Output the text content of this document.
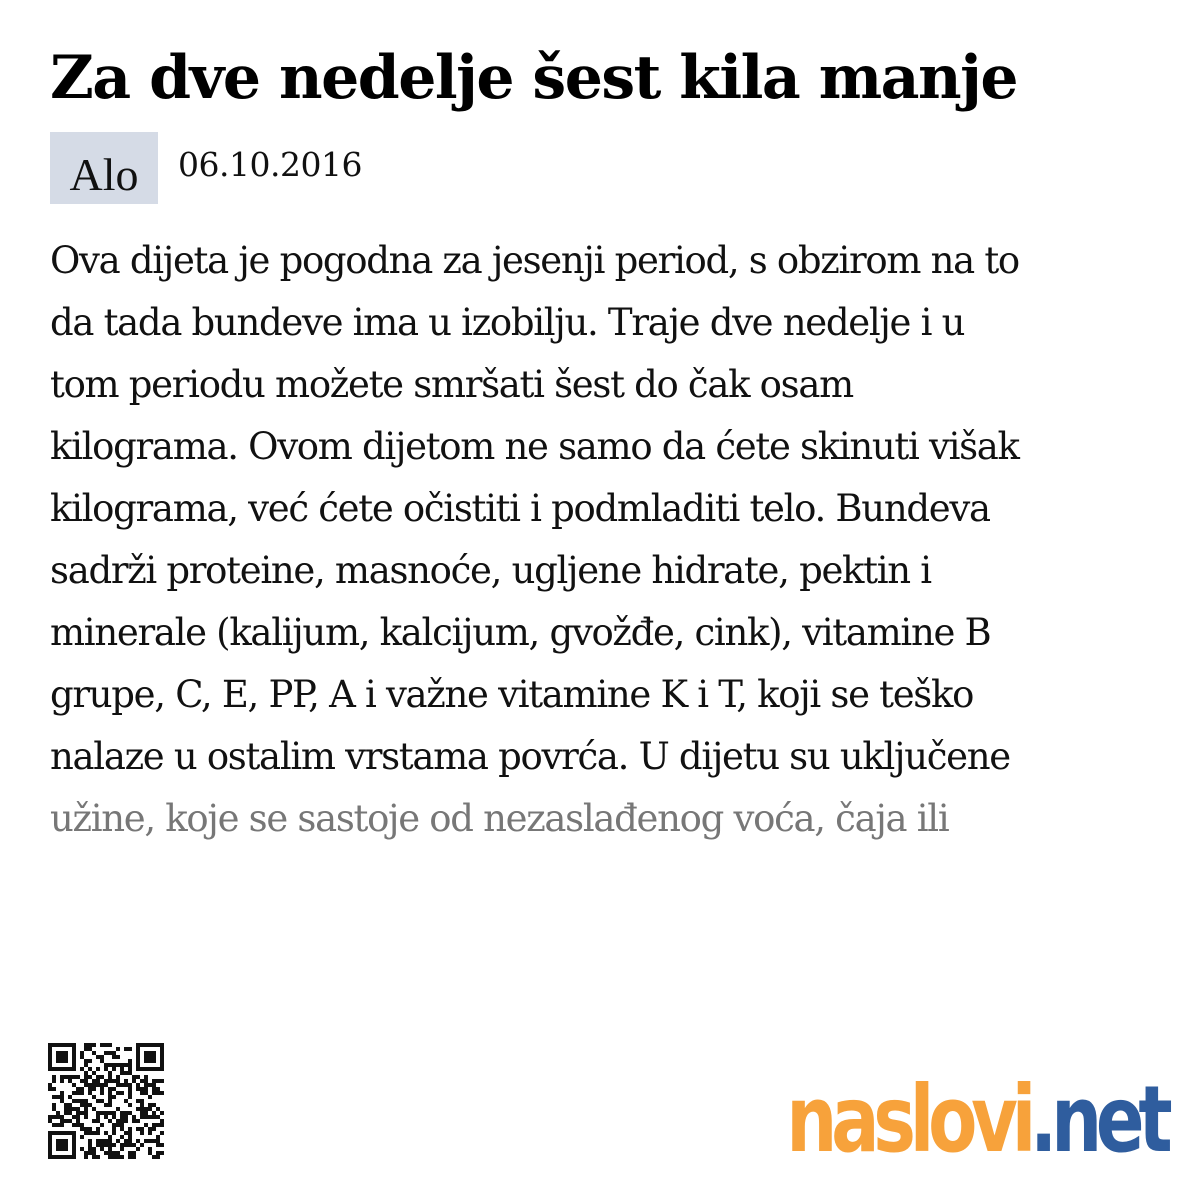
Za dve nedelje šest kila manje
Alo	06.10.2016
Ova dijeta je pogodna za jesenji period, s obzirom na to
da tada bundeve ima u izobilju. Traje dve nedelje i u
tom periodu možete smršati šest do čak osam
kilograma. Ovom dijetom ne samo da ćete skinuti višak
kilograma, već ćete očistiti i podmladiti telo. Bundeva
sadrži proteine, masnoće, ugljene hidrate, pektin i
minerale (kalijum, kalcijum, gvožđe, cink), vitamine B
grupe, C, E, PP, A i važne vitamine K i T, koji se teško
nalaze u ostalim vrstama povrća. U dijetu su uključene
užine, koje se sastoje od nezaslađenog voća, čaja ili
naslovi .net
